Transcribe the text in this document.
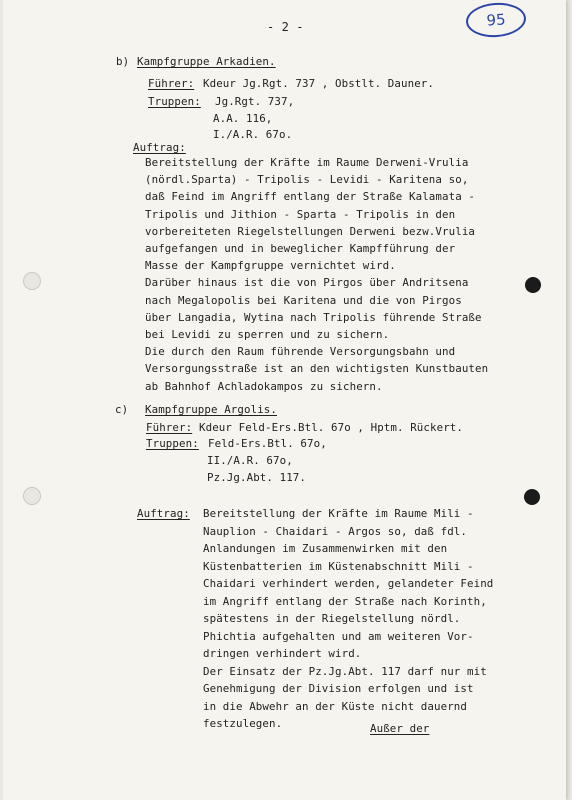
95
- 2 -
b) Kampfgruppe Arkadien.
Führer: Kdeur Jg.Rgt. 737 , Obstlt. Dauner.
Truppen: Jg.Rgt. 737,
A.A. 116,
I./A.R. 67o.
Auftrag:
Bereitstellung der Kräfte im Raume Derweni-Vrulia
(nördl.Sparta) - Tripolis - Levidi - Karitena so,
daß Feind im Angriff entlang der Straße Kalamata -
Tripolis und Jithion - Sparta - Tripolis in den
vorbereiteten Riegelstellungen Derweni bezw.Vrulia
aufgefangen und in beweglicher Kampfführung der
Masse der Kampfgruppe vernichtet wird.
Darüber hinaus ist die von Pirgos über Andritsena
nach Megalopolis bei Karitena und die von Pirgos
über Langadia, Wytina nach Tripolis führende Straße
bei Levidi zu sperren und zu sichern.
Die durch den Raum führende Versorgungsbahn und
Versorgungsstraße ist an den wichtigsten Kunstbauten
ab Bahnhof Achladokampos zu sichern.
c) Kampfgruppe Argolis.
Führer: Kdeur Feld-Ers.Btl. 67o , Hptm. Rückert.
Truppen: Feld-Ers.Btl. 67o,
II./A.R. 67o,
Pz.Jg.Abt. 117.
Auftrag: Bereitstellung der Kräfte im Raume Mili -
Nauplion - Chaidari - Argos so, daß fdl.
Anlandungen im Zusammenwirken mit den
Küstenbatterien im Küstenabschnitt Mili -
Chaidari verhindert werden, gelandeter Feind
im Angriff entlang der Straße nach Korinth,
spätestens in der Riegelstellung nördl.
Phichtia aufgehalten und am weiteren Vor-
dringen verhindert wird.
Der Einsatz der Pz.Jg.Abt. 117 darf nur mit
Genehmigung der Division erfolgen und ist
in die Abwehr an der Küste nicht dauernd
festzulegen.	Außer der
